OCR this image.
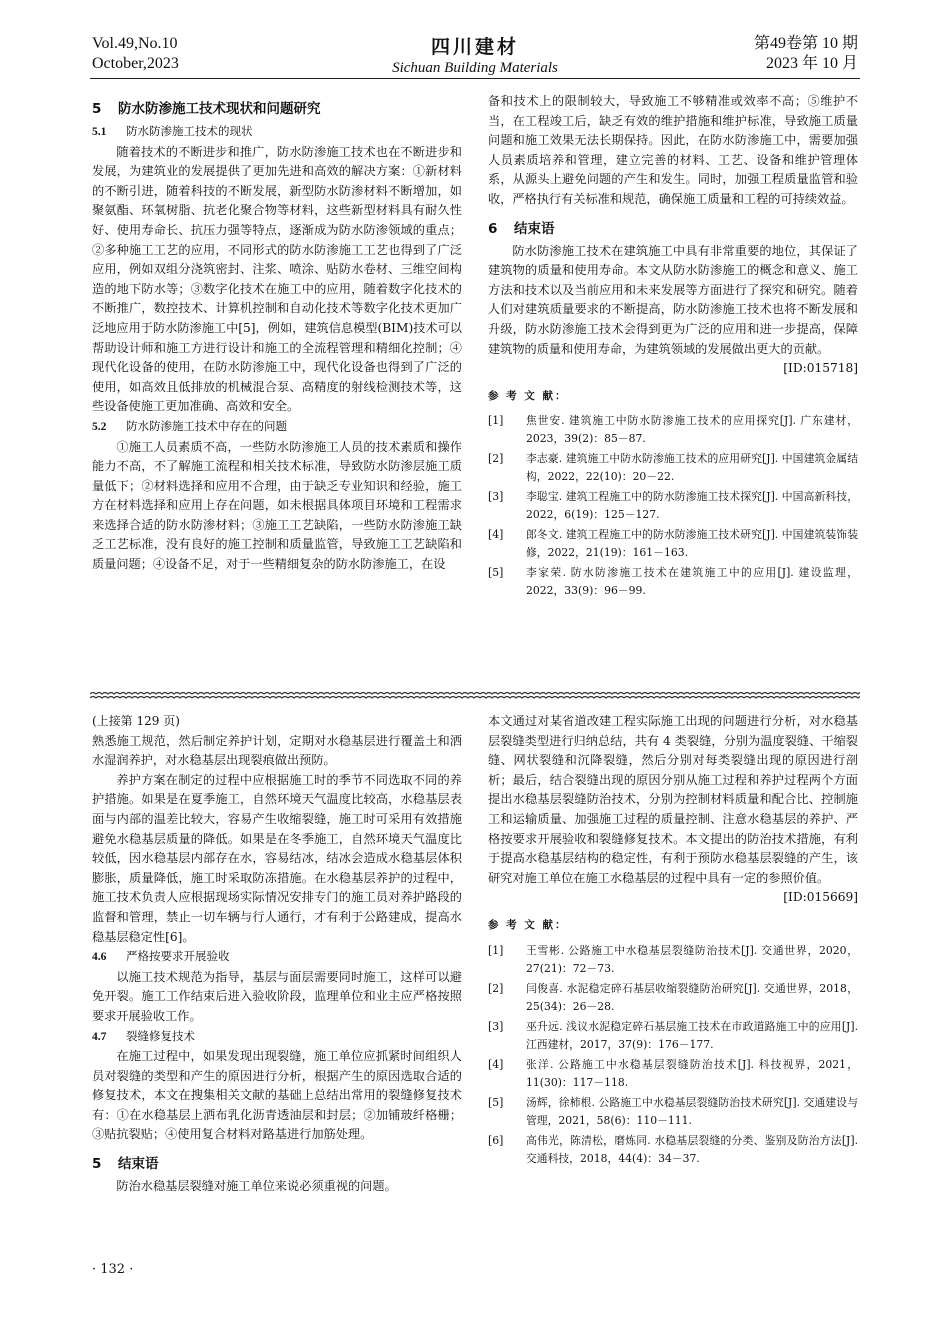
Vol.49,No.10
October,2023
四川建材
Sichuan Building Materials
第49卷第 10 期
2023 年 10 月
5 防水防渗施工技术现状和问题研究
5.1 防水防渗施工技术的现状

随着技术的不断进步和推广，防水防渗施工技术也在不断进步和发展，为建筑业的发展提供了更加先进和高效的解决方案：①新材料的不断引进，随着科技的不断发展，新型防水防渗材料不断增加，如聚氨酯、环氧树脂、抗老化聚合物等材料，这些新型材料具有耐久性好、使用寿命长、抗压力强等特点，逐渐成为防水防渗领域的重点；②多种施工工艺的应用，不同形式的防水防渗施工工艺也得到了广泛应用，例如双组分浇筑密封、注浆、喷涂、贴防水卷材、三维空间构造的地下防水等；③数字化技术在施工中的应用，随着数字化技术的不断推广，数控技术、计算机控制和自动化技术等数字化技术更加广泛地应用于防水防渗施工中[5]，例如，建筑信息模型(BIM)技术可以帮助设计师和施工方进行设计和施工的全流程管理和精细化控制；④现代化设备的使用，在防水防渗施工中，现代化设备也得到了广泛的使用，如高效且低排放的机械混合泵、高精度的射线检测技术等，这些设备使施工更加准确、高效和安全。

5.2 防水防渗施工技术中存在的问题

①施工人员素质不高，一些防水防渗施工人员的技术素质和操作能力不高，不了解施工流程和相关技术标准，导致防水防渗层施工质量低下；②材料选择和应用不合理，由于缺乏专业知识和经验，施工方在材料选择和应用上存在问题，如未根据具体项目环境和工程需求来选择合适的防水防渗材料；③施工工艺缺陷，一些防水防渗施工缺乏工艺标准，没有良好的施工控制和质量监管，导致施工工艺缺陷和质量问题；④设备不足，对于一些精细复杂的防水防渗施工，在设

备和技术上的限制较大，导致施工不够精准或效率不高；⑤维护不当，在工程竣工后，缺乏有效的维护措施和维护标准，导致施工质量问题和施工效果无法长期保持。因此，在防水防渗施工中，需要加强人员素质培养和管理，建立完善的材料、工艺、设备和维护管理体系，从源头上避免问题的产生和发生。同时，加强工程质量监管和验收，严格执行有关标准和规范，确保施工质量和工程的可持续效益。

6 结束语

防水防渗施工技术在建筑施工中具有非常重要的地位，其保证了建筑物的质量和使用寿命。本文从防水防渗施工的概念和意义、施工方法和技术以及当前应用和未来发展等方面进行了探究和研究。随着人们对建筑质量要求的不断提高，防水防渗施工技术也将不断发展和升级，防水防渗施工技术会得到更为广泛的应用和进一步提高，保障建筑物的质量和使用寿命，为建筑领域的发展做出更大的贡献。

[ID:015718]
参 考 文 献：
[1]	焦世安. 建筑施工中防水防渗施工技术的应用探究[J]. 广东建材，2023，39(2)：85－87.
[2]	李志豪. 建筑施工中防水防渗施工技术的应用研究[J]. 中国建筑金属结构，2022，22(10)：20－22.
[3]	李聪宝. 建筑工程施工中的防水防渗施工技术探究[J]. 中国高新科技，2022，6(19)：125－127.
[4]	郎冬文. 建筑工程施工中的防水防渗施工技术研究[J]. 中国建筑装饰装修，2022，21(19)：161－163.
[5]	李家荣. 防水防渗施工技术在建筑施工中的应用[J]. 建设监理，2022，33(9)：96－99.
(上接第 129 页)

熟悉施工规范，然后制定养护计划，定期对水稳基层进行覆盖土和洒水湿润养护，对水稳基层出现裂痕做出预防。

养护方案在制定的过程中应根据施工时的季节不同选取不同的养护措施。如果是在夏季施工，自然环境天气温度比较高，水稳基层表面与内部的温差比较大，容易产生收缩裂缝，施工时可采用有效措施避免水稳基层质量的降低。如果是在冬季施工，自然环境天气温度比较低，因水稳基层内部存在水，容易结冰，结冰会造成水稳基层体积膨胀，质量降低，施工时采取防冻措施。在水稳基层养护的过程中，施工技术负责人应根据现场实际情况安排专门的施工员对养护路段的监督和管理，禁止一切车辆与行人通行，才有利于公路建成，提高水稳基层稳定性[6]。

4.6 严格按要求开展验收

以施工技术规范为指导，基层与面层需要同时施工，这样可以避免开裂。施工工作结束后进入验收阶段，监理单位和业主应严格按照要求开展验收工作。

4.7 裂缝修复技术

在施工过程中，如果发现出现裂缝，施工单位应抓紧时间组织人员对裂缝的类型和产生的原因进行分析，根据产生的原因选取合适的修复技术，本文在搜集相关文献的基础上总结出常用的裂缝修复技术有：①在水稳基层上洒布乳化沥青透油层和封层；②加铺玻纤格栅；③贴抗裂贴；④使用复合材料对路基进行加筋处理。

5 结束语

防治水稳基层裂缝对施工单位来说必须重视的问题。

本文通过对某省道改建工程实际施工出现的问题进行分析，对水稳基层裂缝类型进行归纳总结，共有 4 类裂缝，分别为温度裂缝、干缩裂缝、网状裂缝和沉降裂缝，然后分别对每类裂缝出现的原因进行剖析；最后，结合裂缝出现的原因分别从施工过程和养护过程两个方面提出水稳基层裂缝防治技术，分别为控制材料质量和配合比、控制施工和运输质量、加强施工过程的质量控制、注意水稳基层的养护、严格按要求开展验收和裂缝修复技术。本文提出的防治技术措施，有利于提高水稳基层结构的稳定性，有利于预防水稳基层裂缝的产生，该研究对施工单位在施工水稳基层的过程中具有一定的参照价值。

[ID:015669]
参 考 文 献：
[1]	王雪彬. 公路施工中水稳基层裂缝防治技术[J]. 交通世界，2020，27(21)：72－73.
[2]	闫俊喜. 水泥稳定碎石基层收缩裂缝防治研究[J]. 交通世界，2018，25(34)：26－28.
[3]	巫升远. 浅议水泥稳定碎石基层施工技术在市政道路施工中的应用[J]. 江西建材，2017，37(9)：176－177.
[4]	张洋. 公路施工中水稳基层裂缝防治技术[J]. 科技视界，2021，11(30)：117－118.
[5]	汤辉，徐柿根. 公路施工中水稳基层裂缝防治技术研究[J]. 交通建设与管理，2021，58(6)：110－111.
[6]	高伟光，陈清松，磨炼同. 水稳基层裂缝的分类、鉴别及防治方法[J]. 交通科技，2018，44(4)：34－37.
· 132 ·
